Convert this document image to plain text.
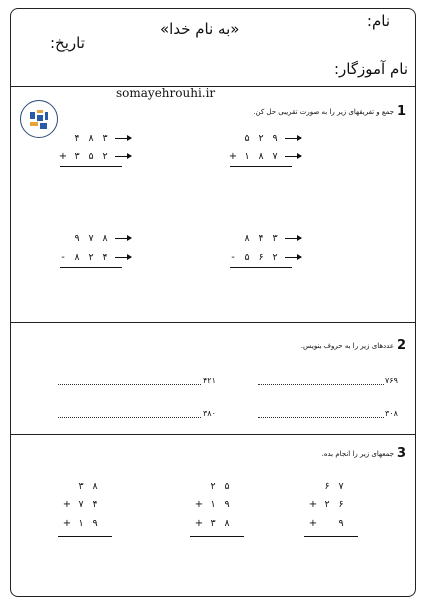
نام:
«به نام خدا»
تاریخ:
نام آموزگار:
somayehrouhi.ir
1
جمع و تفریقهای زیر را به صورت تقریبی حل کن.
۵ ۲ ۹
+ ۱ ۸ ۷
۴ ۸ ۳
+ ۳ ۵ ۲
۸ ۴ ۳
-	۵ ۶ ۲
۹ ۷ ۸
-	۸ ۲ ۴
2
عددهای زیر را به حروف بنویس.
۷۶۹
۴۲۱
۳۰۸
۳۸۰
3
جمعهای زیر را انجام بده.
۶ ۷
+ ۲ ۶
+	۹
۲ ۵
+ ۱ ۹
+ ۳ ۸
۳ ۸
+ ۷ ۴
+ ۱ ۹
